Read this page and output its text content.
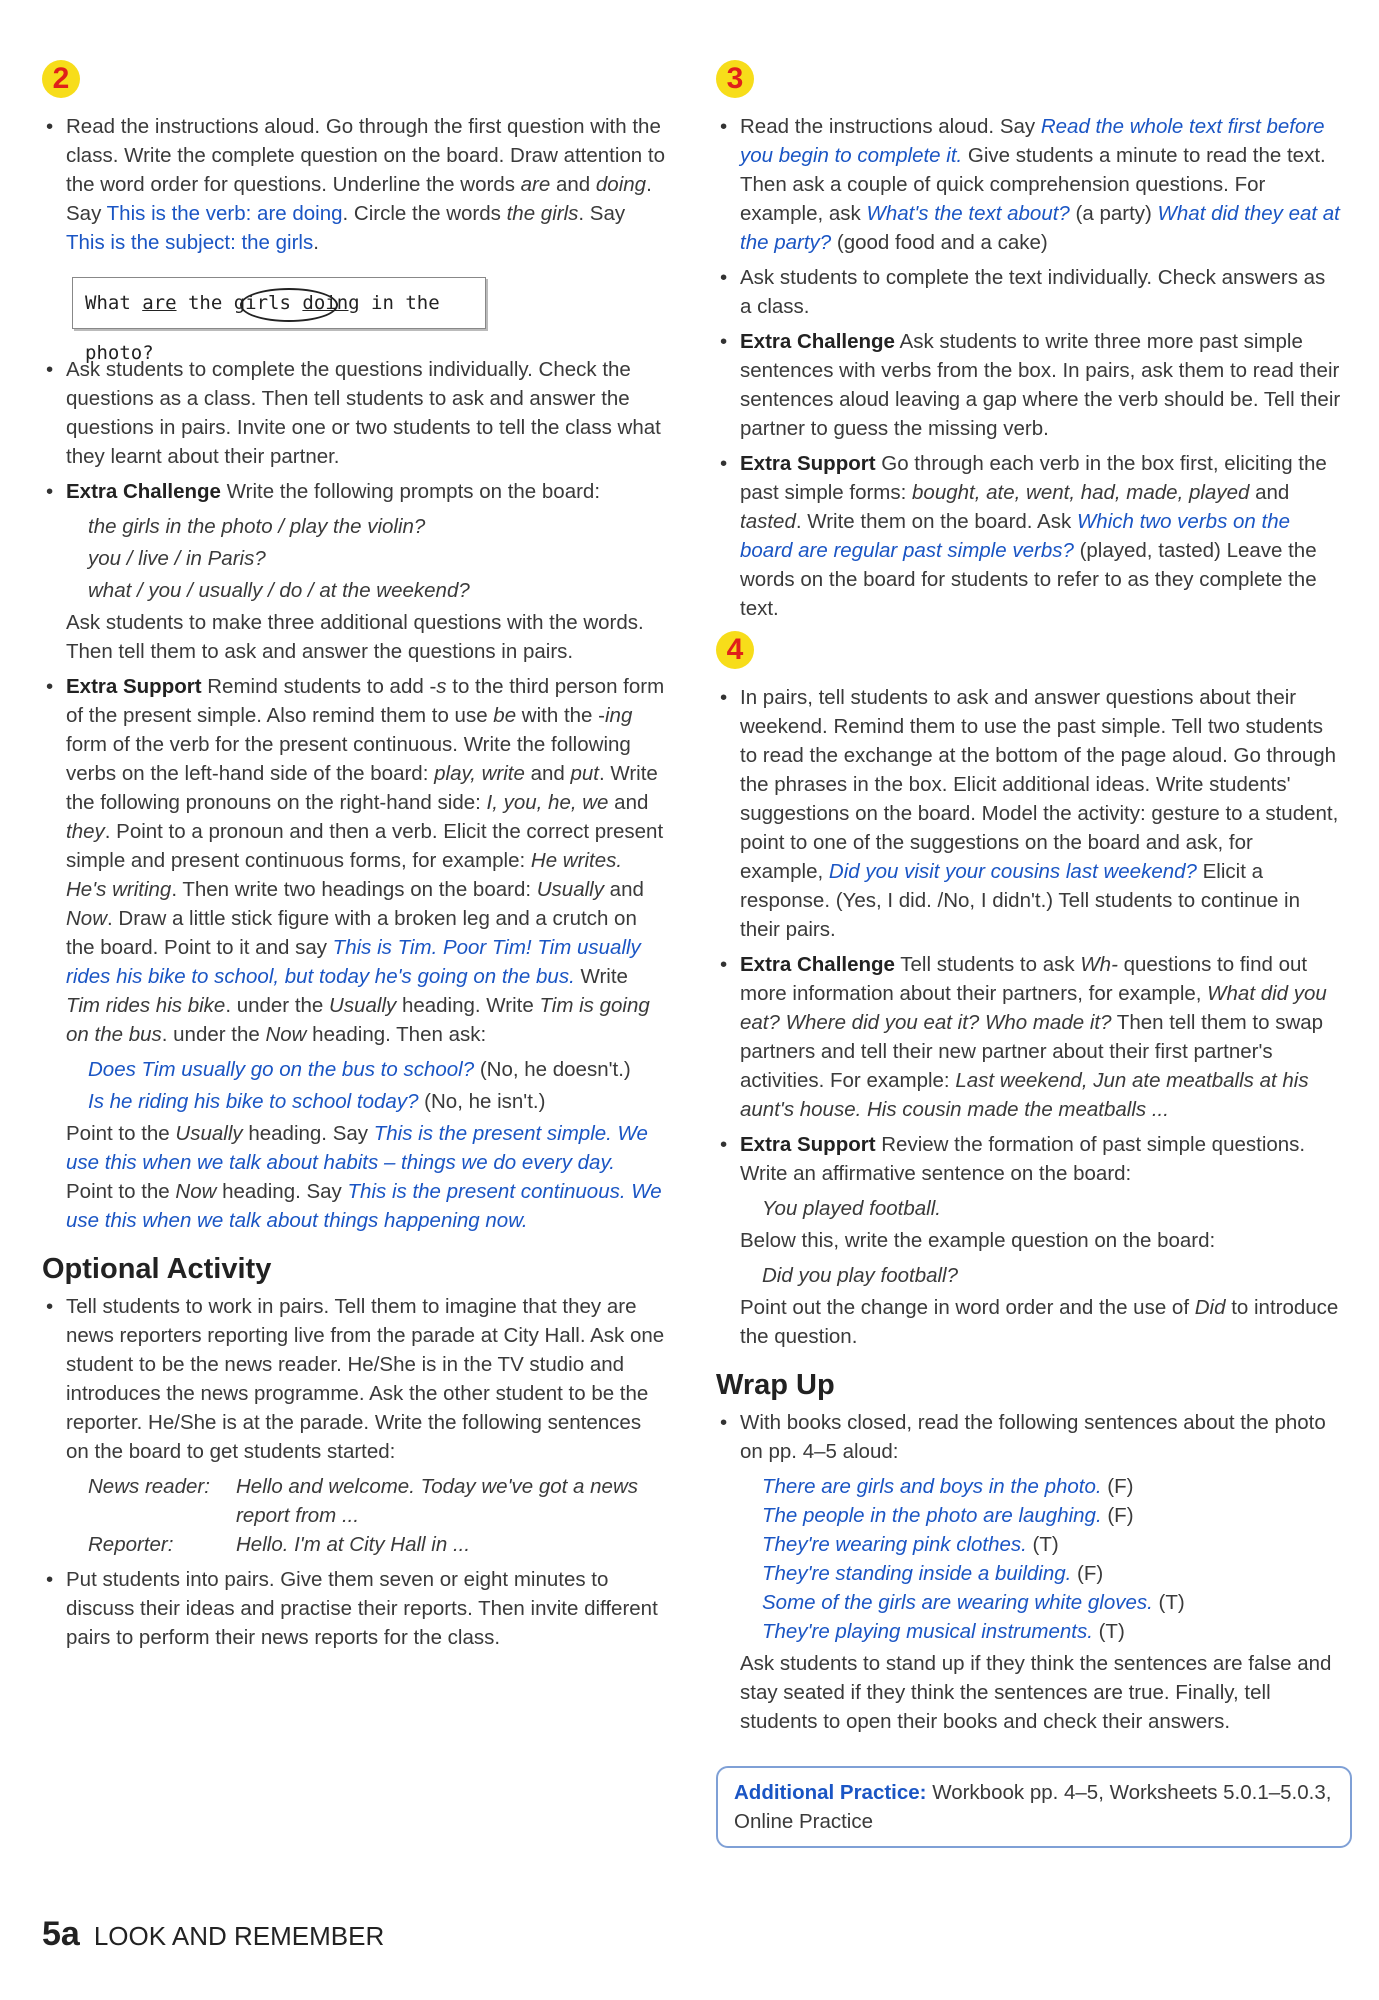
2
• Read the instructions aloud. Go through the first question with the class. Write the complete question on the board. Draw attention to the word order for questions. Underline the words are and doing. Say This is the verb: are doing. Circle the words the girls. Say This is the subject: the girls.
What are the girls doing in the photo?
• Ask students to complete the questions individually. Check the questions as a class. Then tell students to ask and answer the questions in pairs. Invite one or two students to tell the class what they learnt about their partner.
• Extra Challenge Write the following prompts on the board:
the girls in the photo / play the violin?
you / live / in Paris?
what / you / usually / do / at the weekend?
Ask students to make three additional questions with the words. Then tell them to ask and answer the questions in pairs.
• Extra Support Remind students to add -s to the third person form of the present simple. Also remind them to use be with the -ing form of the verb for the present continuous. Write the following verbs on the left-hand side of the board: play, write and put. Write the following pronouns on the right-hand side: I, you, he, we and they. Point to a pronoun and then a verb. Elicit the correct present simple and present continuous forms, for example: He writes. He's writing. Then write two headings on the board: Usually and Now. Draw a little stick figure with a broken leg and a crutch on the board. Point to it and say This is Tim. Poor Tim! Tim usually rides his bike to school, but today he's going on the bus. Write Tim rides his bike. under the Usually heading. Write Tim is going on the bus. under the Now heading. Then ask:
Does Tim usually go on the bus to school? (No, he doesn't.)
Is he riding his bike to school today? (No, he isn't.)
Point to the Usually heading. Say This is the present simple. We use this when we talk about habits – things we do every day. Point to the Now heading. Say This is the present continuous. We use this when we talk about things happening now.
Optional Activity
• Tell students to work in pairs. Tell them to imagine that they are news reporters reporting live from the parade at City Hall. Ask one student to be the news reader. He/She is in the TV studio and introduces the news programme. Ask the other student to be the reporter. He/She is at the parade. Write the following sentences on the board to get students started:
News reader:	Hello and welcome. Today we've got a news report from ...
Reporter:	Hello. I'm at City Hall in ...
• Put students into pairs. Give them seven or eight minutes to discuss their ideas and practise their reports. Then invite different pairs to perform their news reports for the class.
3
• Read the instructions aloud. Say Read the whole text first before you begin to complete it. Give students a minute to read the text. Then ask a couple of quick comprehension questions. For example, ask What's the text about? (a party) What did they eat at the party? (good food and a cake)
• Ask students to complete the text individually. Check answers as a class.
• Extra Challenge Ask students to write three more past simple sentences with verbs from the box. In pairs, ask them to read their sentences aloud leaving a gap where the verb should be. Tell their partner to guess the missing verb.
• Extra Support Go through each verb in the box first, eliciting the past simple forms: bought, ate, went, had, made, played and tasted. Write them on the board. Ask Which two verbs on the board are regular past simple verbs? (played, tasted) Leave the words on the board for students to refer to as they complete the text.
4
• In pairs, tell students to ask and answer questions about their weekend. Remind them to use the past simple. Tell two students to read the exchange at the bottom of the page aloud. Go through the phrases in the box. Elicit additional ideas. Write students' suggestions on the board. Model the activity: gesture to a student, point to one of the suggestions on the board and ask, for example, Did you visit your cousins last weekend? Elicit a response. (Yes, I did. /No, I didn't.) Tell students to continue in their pairs.
• Extra Challenge Tell students to ask Wh- questions to find out more information about their partners, for example, What did you eat? Where did you eat it? Who made it? Then tell them to swap partners and tell their new partner about their first partner's activities. For example: Last weekend, Jun ate meatballs at his aunt's house. His cousin made the meatballs ...
• Extra Support Review the formation of past simple questions. Write an affirmative sentence on the board:
You played football.
Below this, write the example question on the board:
Did you play football?
Point out the change in word order and the use of Did to introduce the question.
Wrap Up
• With books closed, read the following sentences about the photo on pp. 4–5 aloud:
There are girls and boys in the photo. (F)
The people in the photo are laughing. (F)
They're wearing pink clothes. (T)
They're standing inside a building. (F)
Some of the girls are wearing white gloves. (T)
They're playing musical instruments. (T)
Ask students to stand up if they think the sentences are false and stay seated if they think the sentences are true. Finally, tell students to open their books and check their answers.
Additional Practice: Workbook pp. 4–5, Worksheets 5.0.1–5.0.3, Online Practice
5a LOOK AND REMEMBER
